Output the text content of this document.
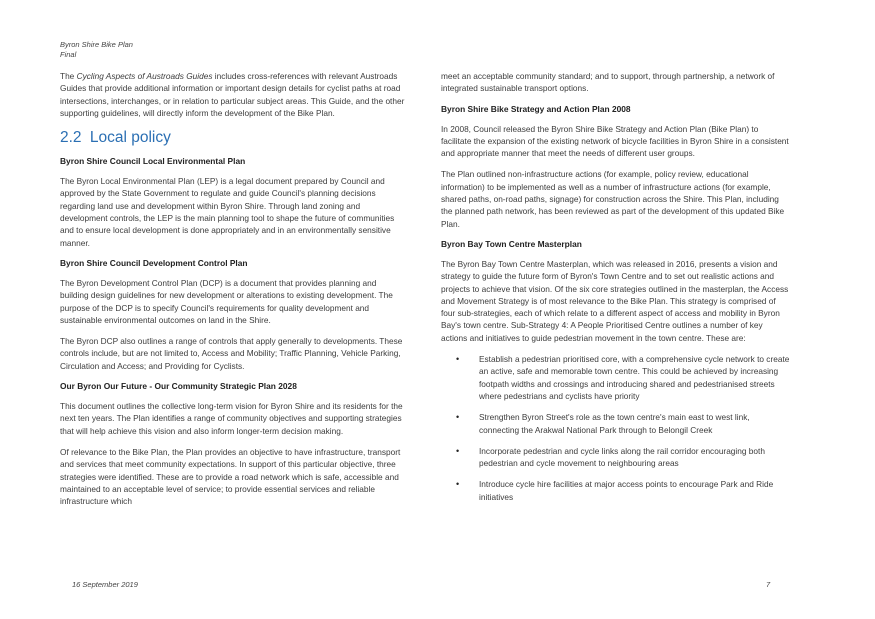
Byron Shire Bike Plan
Final

The Cycling Aspects of Austroads Guides includes cross-references with relevant Austroads Guides that provide additional information or important design details for cyclist paths at road intersections, interchanges, or in relation to particular subject areas. This Guide, and the other supporting guidelines, will directly inform the development of the Bike Plan.

2.2 Local policy
Byron Shire Council Local Environmental Plan

The Byron Local Environmental Plan (LEP) is a legal document prepared by Council and approved by the State Government to regulate and guide Council's planning decisions regarding land use and development within Byron Shire. Through land zoning and development controls, the LEP is the main planning tool to shape the future of communities and to ensure local development is done appropriately and in an environmentally sensitive manner.

Byron Shire Council Development Control Plan

The Byron Development Control Plan (DCP) is a document that provides planning and building design guidelines for new development or alterations to existing development. The purpose of the DCP is to specify Council's requirements for quality development and sustainable environmental outcomes on land in the Shire.

The Byron DCP also outlines a range of controls that apply generally to developments. These controls include, but are not limited to, Access and Mobility; Traffic Planning, Vehicle Parking, Circulation and Access; and Providing for Cyclists.

Our Byron Our Future - Our Community Strategic Plan 2028

This document outlines the collective long-term vision for Byron Shire and its residents for the next ten years. The Plan identifies a range of community objectives and supporting strategies that will help achieve this vision and also inform longer-term decision making.

Of relevance to the Bike Plan, the Plan provides an objective to have infrastructure, transport and services that meet community expectations. In support of this particular objective, three strategies were identified. These are to provide a road network which is safe, accessible and maintained to an acceptable level of service; to provide essential services and reliable infrastructure which

meet an acceptable community standard; and to support, through partnership, a network of integrated sustainable transport options.

Byron Shire Bike Strategy and Action Plan 2008

In 2008, Council released the Byron Shire Bike Strategy and Action Plan (Bike Plan) to facilitate the expansion of the existing network of bicycle facilities in Byron Shire in a consistent and appropriate manner that meet the needs of different user groups.

The Plan outlined non-infrastructure actions (for example, policy review, educational information) to be implemented as well as a number of infrastructure actions (for example, shared paths, on-road paths, signage) for construction across the Shire. This Plan, including the planned path network, has been reviewed as part of the development of this updated Bike Plan.

Byron Bay Town Centre Masterplan

The Byron Bay Town Centre Masterplan, which was released in 2016, presents a vision and strategy to guide the future form of Byron's Town Centre and to set out realistic actions and projects to achieve that vision. Of the six core strategies outlined in the masterplan, the Access and Movement Strategy is of most relevance to the Bike Plan. This strategy is comprised of four sub-strategies, each of which relate to a different aspect of access and mobility in Byron Bay's town centre. Sub-Strategy 4: A People Prioritised Centre outlines a number of key actions and initiatives to guide pedestrian movement in the town centre. These are:

• Establish a pedestrian prioritised core, with a comprehensive cycle network to create an active, safe and memorable town centre. This could be achieved by increasing footpath widths and crossings and introducing shared and pedestrianised streets where pedestrians and cyclists have priority
• Strengthen Byron Street's role as the town centre's main east to west link, connecting the Arakwal National Park through to Belongil Creek
• Incorporate pedestrian and cycle links along the rail corridor encouraging both pedestrian and cycle movement to neighbouring areas
• Introduce cycle hire facilities at major access points to encourage Park and Ride initiatives
16 September 2019	7
